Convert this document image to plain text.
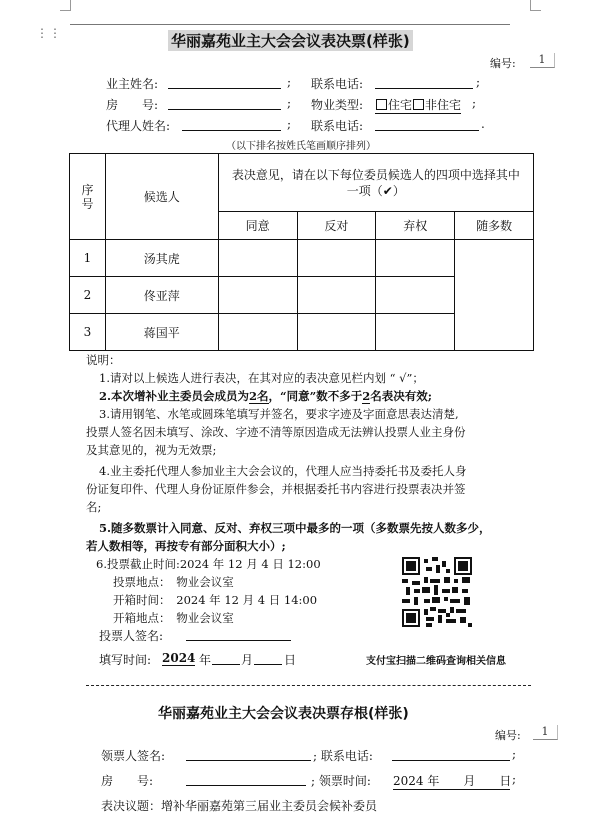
⋮⋮	华丽嘉苑业主大会会议表决票(样张)
编号:	1
业主姓名:	; 联系电话:	;
房　　号:	; 物业类型:	住宅 非住宅 ;
代理人姓名:	; 联系电话:	.
（以下排名按姓氏笔画顺序排列）
序号	候选人	表决意见，请在以下每位委员候选人的四项中选择其中一项（✔）			
		同意	反对	弃权	随多数
1	汤其虎				
2	佟亚萍				
3	蒋国平				
说明：
1.请对以上候选人进行表决，在其对应的表决意见栏内划 “ √”；
2.本次增补业主委员会成员为2名，“同意”数不多于2名表决有效;
3.请用钢笔、水笔或圆珠笔填写并签名，要求字迹及字面意思表达清楚,
投票人签名因未填写、涂改、字迹不清等原因造成无法辨认投票人业主身份
及其意见的，视为无效票;
4.业主委托代理人参加业主大会会议的，代理人应当持委托书及委托人身
份证复印件、代理人身份证原件参会，并根据委托书内容进行投票表决并签
名;
5.随多数票计入同意、反对、弃权三项中最多的一项（多数票先按人数多少，
若人数相等，再按专有部分面积大小）;
6.投票截止时间:2024 年 12 月 4 日 12:00
投票地点：　物业会议室
开箱时间：　2024 年 12 月 4 日 14:00
开箱地点：　物业会议室
投票人签名:
填写时间: 2024 年 月	日	支付宝扫描二维码查询相关信息
华丽嘉苑业主大会会议表决票存根(样张)
编号:	1
领票人签名:	; 联系电话:	;
房　　号:	; 领票时间: 2024 年　　月　　日 ;
表决议题：增补华丽嘉苑第三届业主委员会候补委员
